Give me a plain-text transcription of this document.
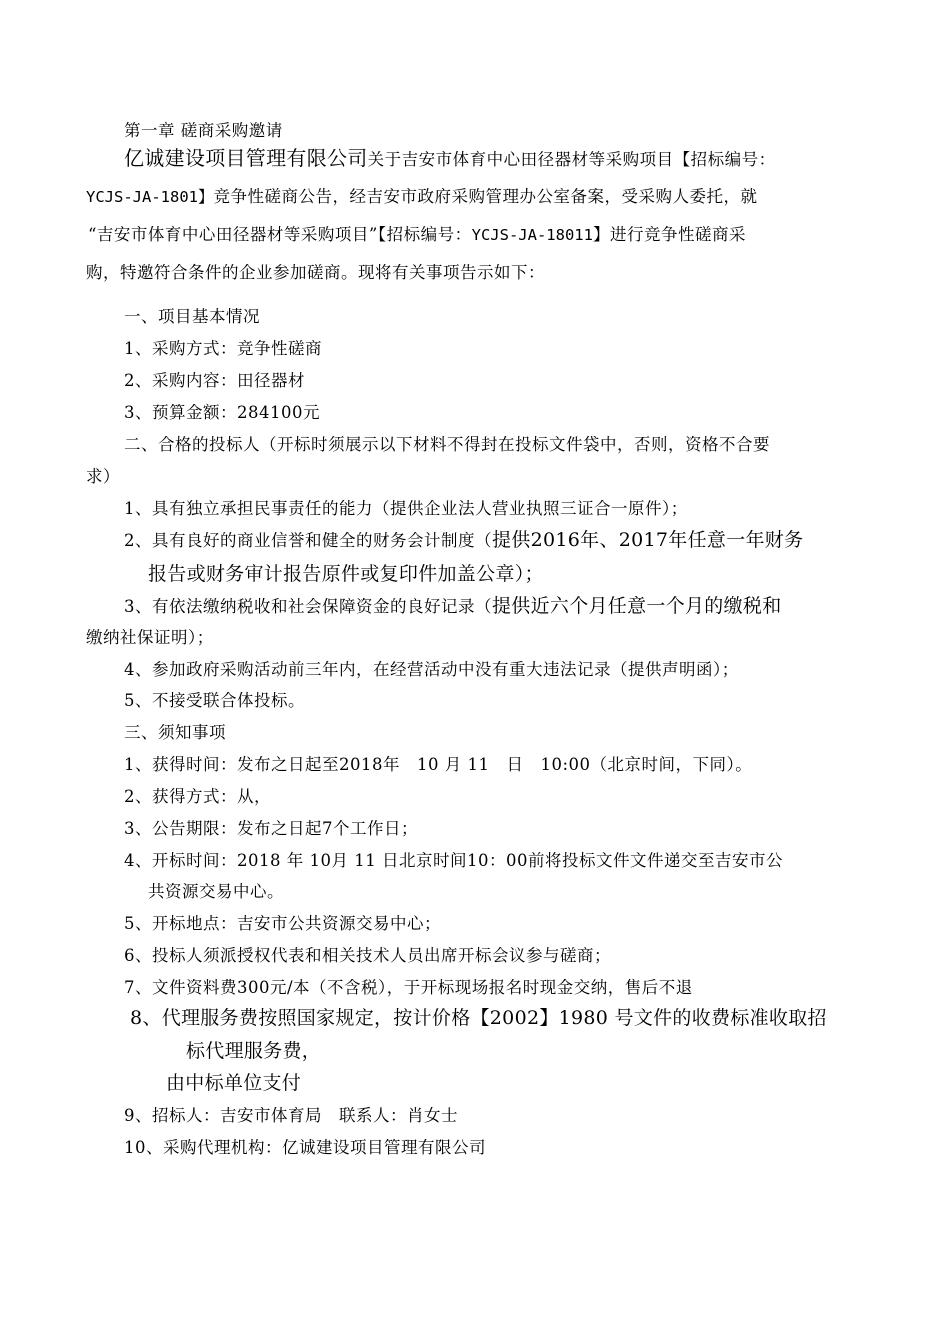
第一章 磋商采购邀请
亿诚建设项目管理有限公司关于吉安市体育中心田径器材等采购项目【招标编号：
YCJS-JA-1801】竞争性磋商公告，经吉安市政府采购管理办公室备案，受采购人委托，就
“吉安市体育中心田径器材等采购项目”【招标编号：YCJS-JA-18011】进行竞争性磋商采
购，特邀符合条件的企业参加磋商。现将有关事项告示如下：
一、项目基本情况
1、采购方式：竞争性磋商
2、采购内容：田径器材
3、预算金额：284100元
二、合格的投标人（开标时须展示以下材料不得封在投标文件袋中，否则，资格不合要
求）
1、具有独立承担民事责任的能力（提供企业法人营业执照三证合一原件）；
2、具有良好的商业信誉和健全的财务会计制度（提供2016年、2017年任意一年财务
报告或财务审计报告原件或复印件加盖公章）；
3、有依法缴纳税收和社会保障资金的良好记录（提供近六个月任意一个月的缴税和
缴纳社保证明）；
4、参加政府采购活动前三年内，在经营活动中没有重大违法记录（提供声明函）；
5、不接受联合体投标。
三、须知事项
1、获得时间：发布之日起至2018年　10 月 11　日　10:00（北京时间，下同）。
2、获得方式：从，
3、公告期限：发布之日起7个工作日；
4、开标时间：2018 年 10月 11 日北京时间10：00前将投标文件文件递交至吉安市公
共资源交易中心。
5、开标地点：吉安市公共资源交易中心；
6、投标人须派授权代表和相关技术人员出席开标会议参与磋商；
7、文件资料费300元/本（不含税），于开标现场报名时现金交纳，售后不退
8、代理服务费按照国家规定，按计价格【2002】1980 号文件的收费标准收取招
标代理服务费，
由中标单位支付
9、招标人：吉安市体育局　联系人：肖女士
10、采购代理机构：亿诚建设项目管理有限公司
